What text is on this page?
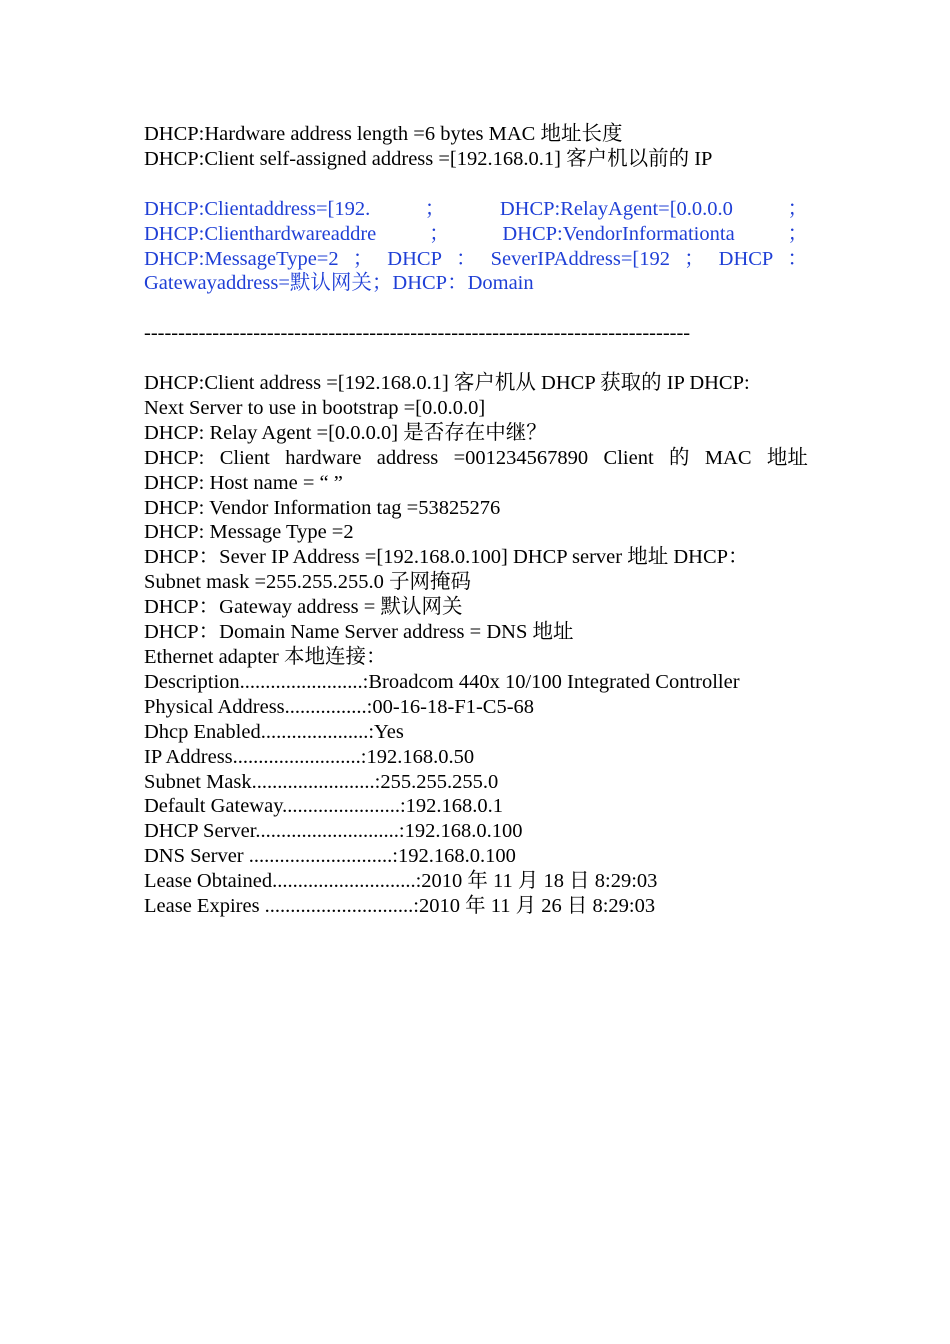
DHCP:Hardware address length =6 bytes MAC 地址长度
DHCP:Client self-assigned address =[192.168.0.1] 客户机以前的 IP
DHCP:Clientaddress=[192.	；	DHCP:RelayAgent=[0.0.0.0	；
DHCP:Clienthardwareaddre	；	DHCP:VendorInformationta	；
DHCP:MessageType=2 ； DHCP ： SeverIPAddress=[192 ； DHCP ：
Gatewayaddress=默认网关；DHCP：Domain
--------------------------------------------------------------------------------
DHCP:Client address =[192.168.0.1] 客户机从 DHCP 获取的 IP DHCP:
Next Server to use in bootstrap =[0.0.0.0]
DHCP: Relay Agent =[0.0.0.0] 是否存在中继？
DHCP: Client hardware address =001234567890 Client 的 MAC 地址
DHCP: Host name = “ ”
DHCP: Vendor Information tag =53825276
DHCP: Message Type =2
DHCP：Sever IP Address =[192.168.0.100] DHCP server 地址 DHCP：
Subnet mask =255.255.255.0 子网掩码
DHCP：Gateway address = 默认网关
DHCP：Domain Name Server address = DNS 地址
Ethernet adapter 本地连接：
Description........................:Broadcom 440x 10/100 Integrated Controller
Physical Address................:00-16-18-F1-C5-68
Dhcp Enabled.....................:Yes
IP Address.........................:192.168.0.50
Subnet Mask........................:255.255.255.0
Default Gateway.......................:192.168.0.1
DHCP Server............................:192.168.0.100
DNS Server ............................:192.168.0.100
Lease Obtained............................:2010 年 11 月 18 日 8:29:03
Lease Expires .............................:2010 年 11 月 26 日 8:29:03
